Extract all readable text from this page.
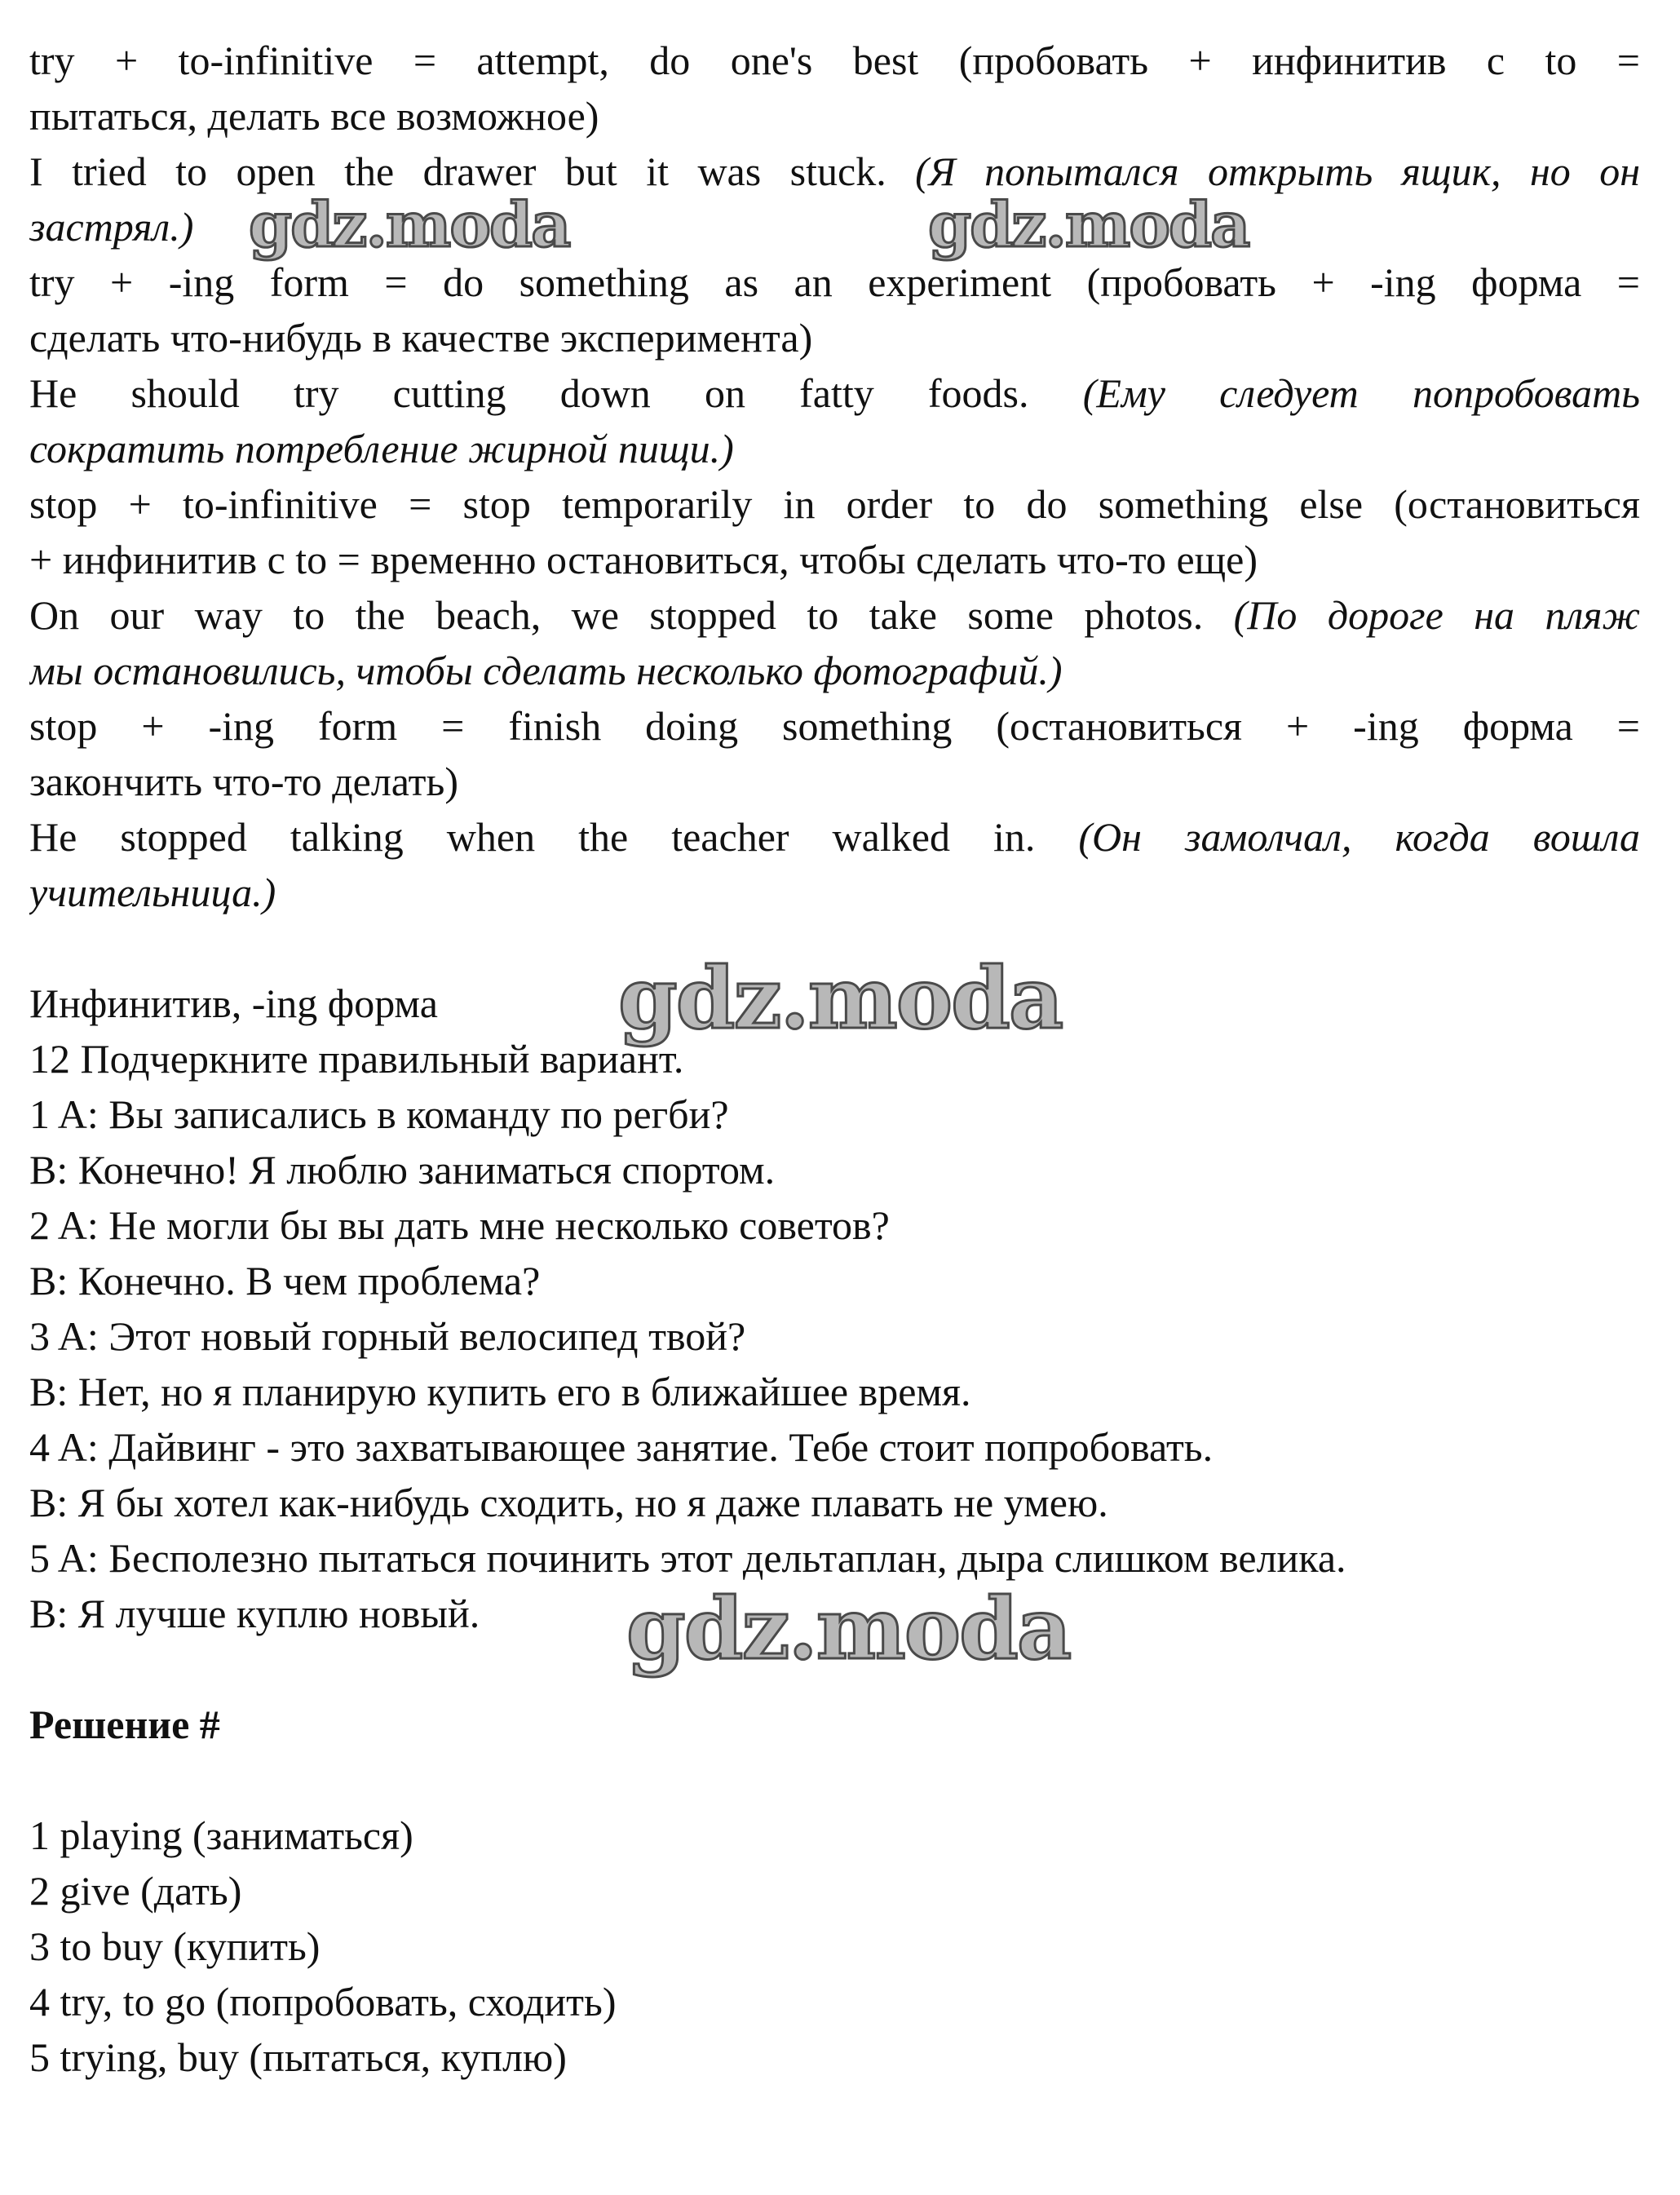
try + to-infinitive = attempt, do one's best (пробовать + инфинитив с to =
пытаться, делать все возможное)
I tried to open the drawer but it was stuck. (Я попытался открыть ящик, но он
застрял.)
try + -ing form = do something as an experiment (пробовать + -ing форма =
сделать что-нибудь в качестве эксперимента)
He should try cutting down on fatty foods. (Ему следует попробовать
сократить потребление жирной пищи.)
stop + to-infinitive = stop temporarily in order to do something else (остановиться
+ инфинитив с to = временно остановиться, чтобы сделать что-то еще)
On our way to the beach, we stopped to take some photos. (По дороге на пляж
мы остановились, чтобы сделать несколько фотографий.)
stop + -ing form = finish doing something (остановиться + -ing форма =
закончить что-то делать)
He stopped talking when the teacher walked in. (Он замолчал, когда вошла
учительница.)
Инфинитив, -ing форма
12 Подчеркните правильный вариант.
1 A: Вы записались в команду по регби?
B: Конечно! Я люблю заниматься спортом.
2 A: Не могли бы вы дать мне несколько советов?
B: Конечно. В чем проблема?
3 A: Этот новый горный велосипед твой?
B: Нет, но я планирую купить его в ближайшее время.
4 A: Дайвинг - это захватывающее занятие. Тебе стоит попробовать.
B: Я бы хотел как-нибудь сходить, но я даже плавать не умею.
5 A: Бесполезно пытаться починить этот дельтаплан, дыра слишком велика.
B: Я лучше куплю новый.
Решение #
1 playing (заниматься)
2 give (дать)
3 to buy (купить)
4 try, to go (попробовать, сходить)
5 trying, buy (пытаться, куплю)
gdz.moda	gdz.moda
gdz.moda
gdz.moda
